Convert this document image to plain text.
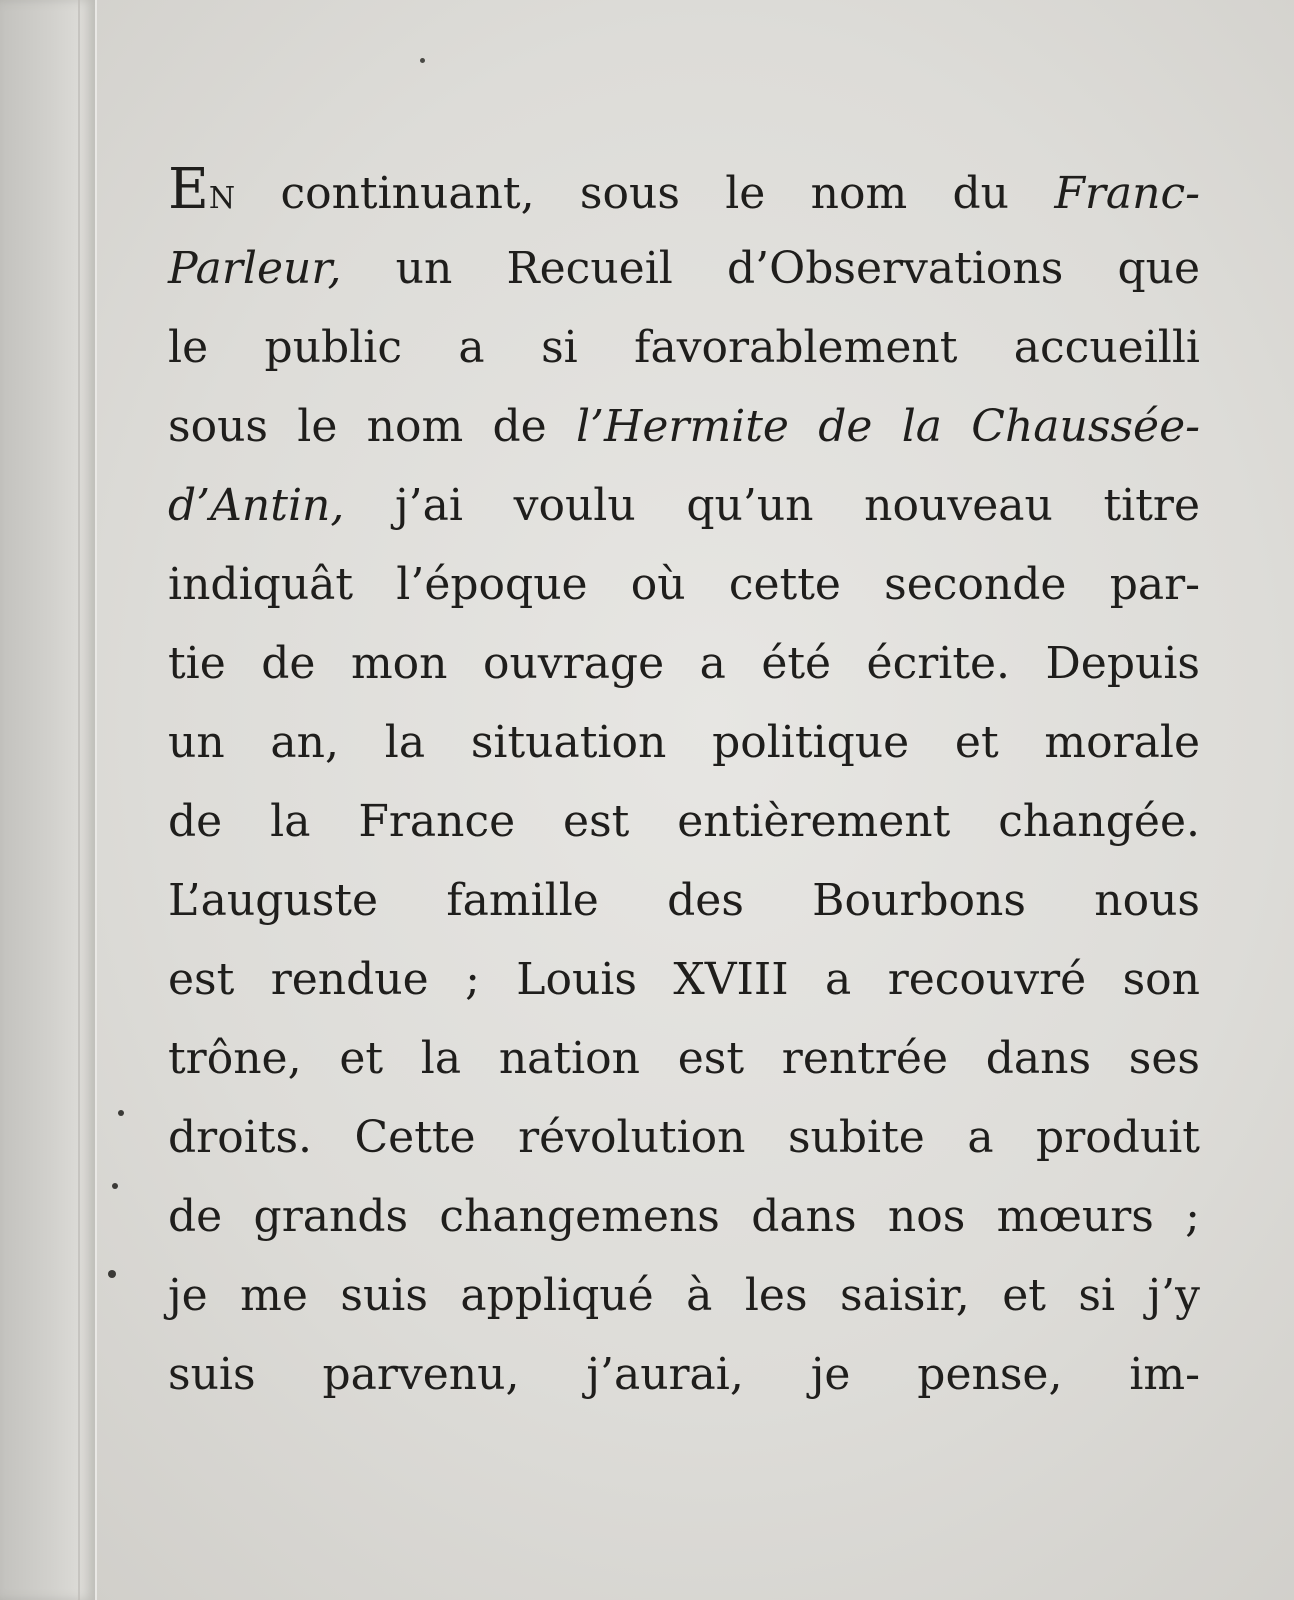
EN continuant, sous le nom du Franc-
Parleur, un Recueil d’Observations que
le public a si favorablement accueilli
sous le nom de l’Hermite de la Chaussée-
d’Antin, j’ai voulu qu’un nouveau titre
indiquât l’époque où cette seconde par-
tie de mon ouvrage a été écrite. Depuis
un an, la situation politique et morale
de la France est entièrement changée.
L’auguste famille des Bourbons nous
est rendue ; Louis XVIII a recouvré son
trône, et la nation est rentrée dans ses
droits. Cette révolution subite a produit
de grands changemens dans nos mœurs ;
je me suis appliqué à les saisir, et si j’y
suis parvenu, j’aurai, je pense, im-
